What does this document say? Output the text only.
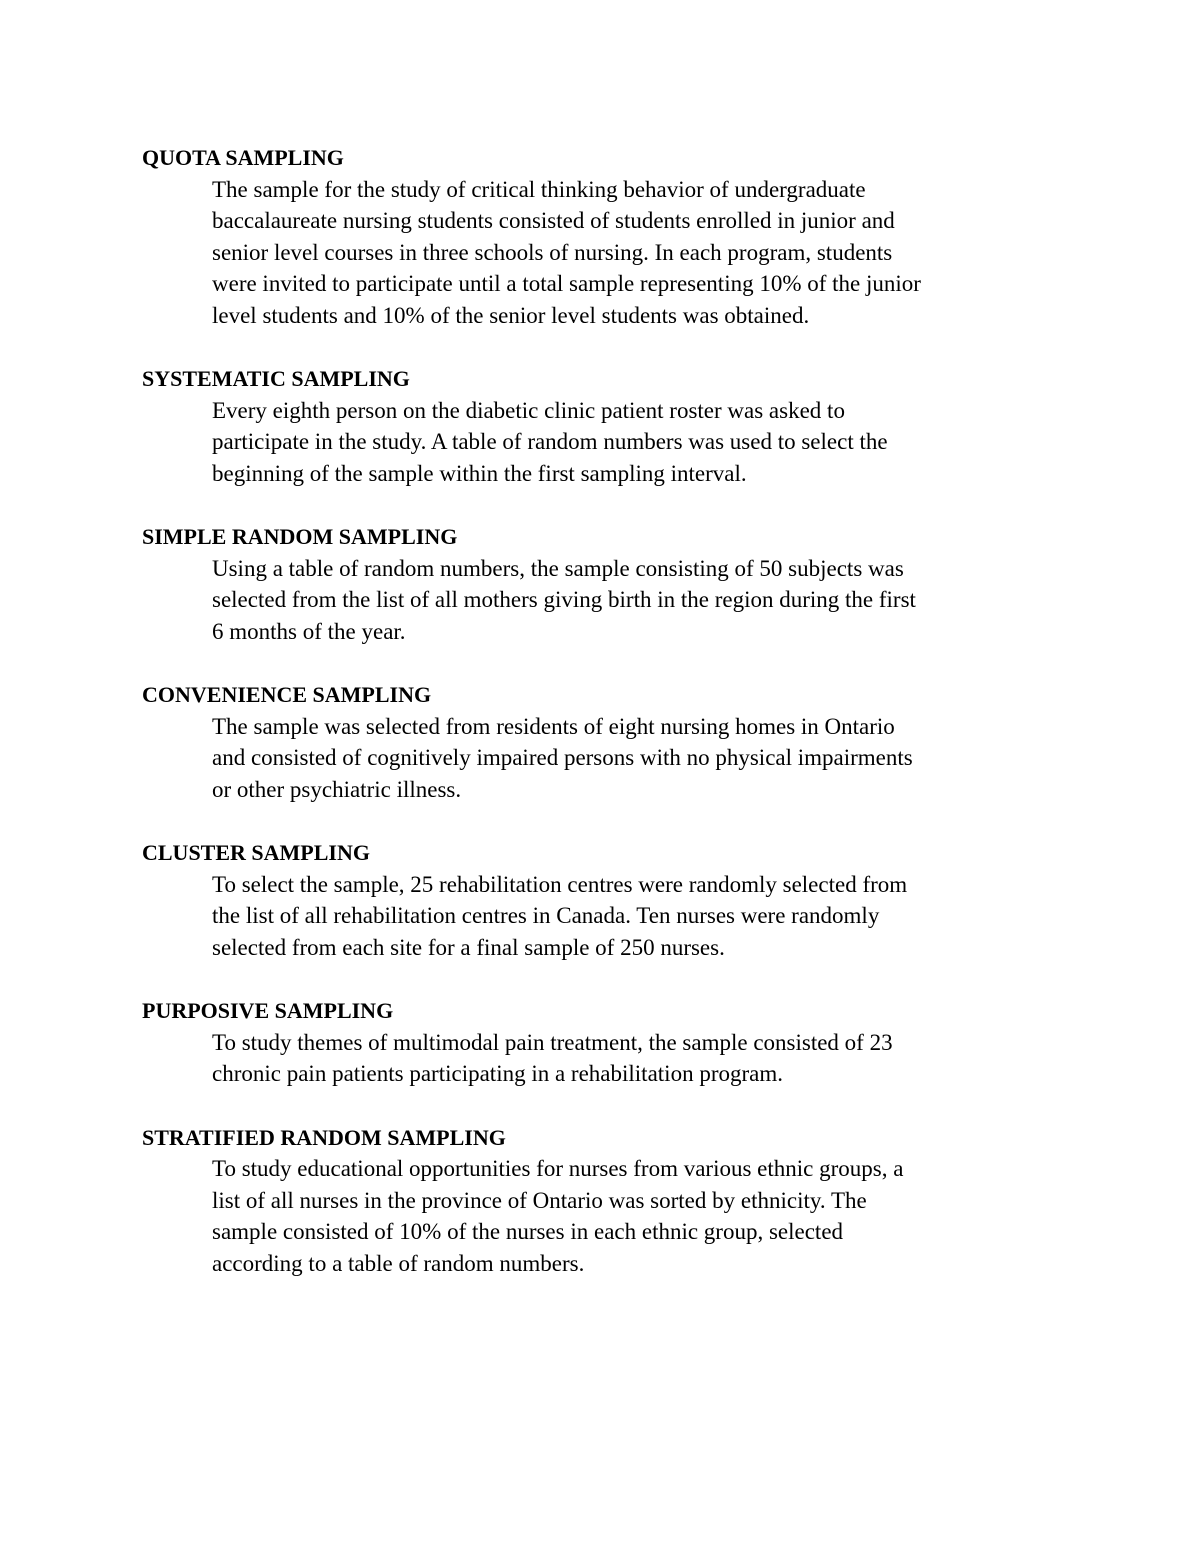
QUOTA SAMPLING
The sample for the study of critical thinking behavior of undergraduate
baccalaureate nursing students consisted of students enrolled in junior and
senior level courses in three schools of nursing. In each program, students
were invited to participate until a total sample representing 10% of the junior
level students and 10% of the senior level students was obtained.
SYSTEMATIC SAMPLING
Every eighth person on the diabetic clinic patient roster was asked to
participate in the study. A table of random numbers was used to select the
beginning of the sample within the first sampling interval.
SIMPLE RANDOM SAMPLING
Using a table of random numbers, the sample consisting of 50 subjects was
selected from the list of all mothers giving birth in the region during the first
6 months of the year.
CONVENIENCE SAMPLING
The sample was selected from residents of eight nursing homes in Ontario
and consisted of cognitively impaired persons with no physical impairments
or other psychiatric illness.
CLUSTER SAMPLING
To select the sample, 25 rehabilitation centres were randomly selected from
the list of all rehabilitation centres in Canada. Ten nurses were randomly
selected from each site for a final sample of 250 nurses.
PURPOSIVE SAMPLING
To study themes of multimodal pain treatment, the sample consisted of 23
chronic pain patients participating in a rehabilitation program.
STRATIFIED RANDOM SAMPLING
To study educational opportunities for nurses from various ethnic groups, a
list of all nurses in the province of Ontario was sorted by ethnicity. The
sample consisted of 10% of the nurses in each ethnic group, selected
according to a table of random numbers.
